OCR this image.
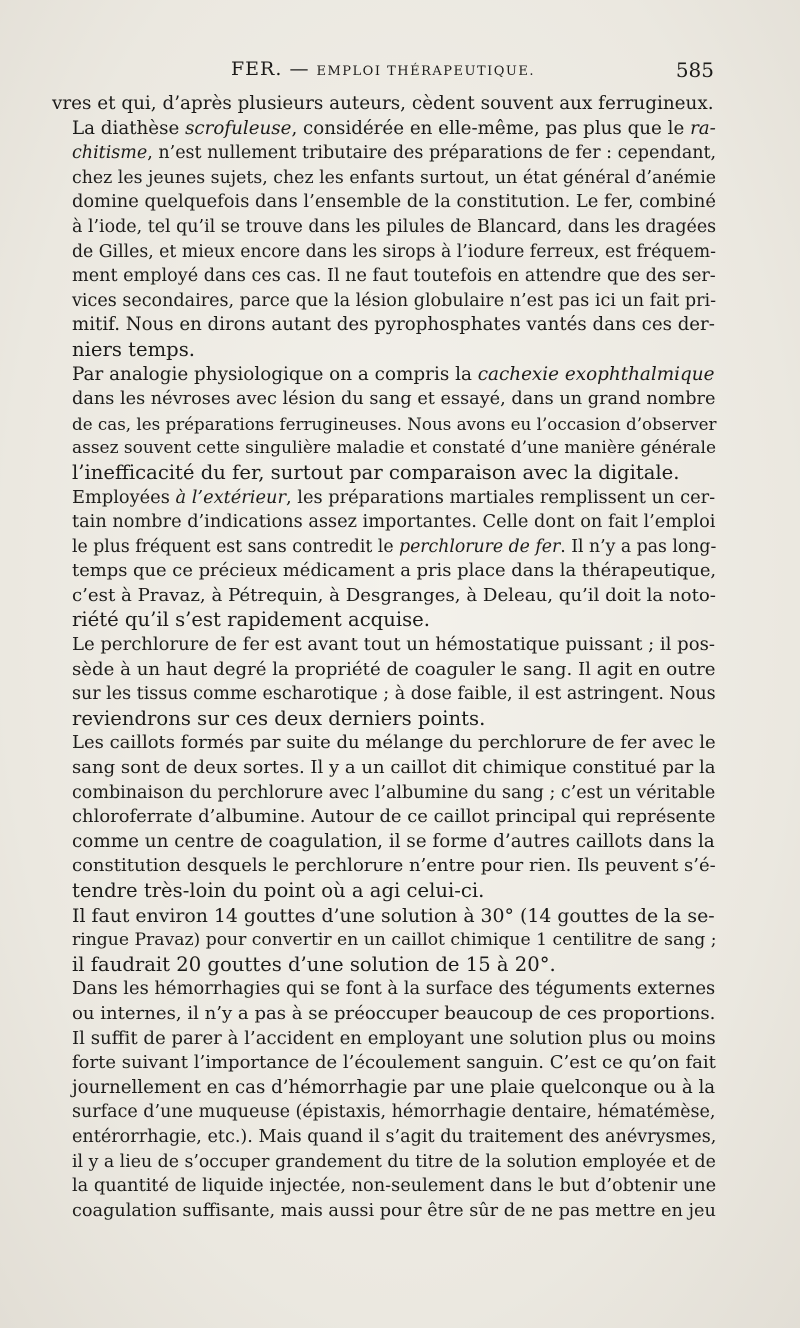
FER. — EMPLOI THÉRAPEUTIQUE.	585

vres et qui, d’après plusieurs auteurs, cèdent souvent aux ferrugineux.

La diathèse scrofuleuse, considérée en elle-même, pas plus que le ra-
chitisme, n’est nullement tributaire des préparations de fer : cependant,
chez les jeunes sujets, chez les enfants surtout, un état général d’anémie
domine quelquefois dans l’ensemble de la constitution. Le fer, combiné
à l’iode, tel qu’il se trouve dans les pilules de Blancard, dans les dragées
de Gilles, et mieux encore dans les sirops à l’iodure ferreux, est fréquem-
ment employé dans ces cas. Il ne faut toutefois en attendre que des ser-
vices secondaires, parce que la lésion globulaire n’est pas ici un fait pri-
mitif. Nous en dirons autant des pyrophosphates vantés dans ces der-
niers temps.

Par analogie physiologique on a compris la cachexie exophthalmique
dans les névroses avec lésion du sang et essayé, dans un grand nombre
de cas, les préparations ferrugineuses. Nous avons eu l’occasion d’observer
assez souvent cette singulière maladie et constaté d’une manière générale
l’inefficacité du fer, surtout par comparaison avec la digitale.

Employées à l’extérieur, les préparations martiales remplissent un cer-
tain nombre d’indications assez importantes. Celle dont on fait l’emploi
le plus fréquent est sans contredit le perchlorure de fer. Il n’y a pas long-
temps que ce précieux médicament a pris place dans la thérapeutique,
c’est à Pravaz, à Pétrequin, à Desgranges, à Deleau, qu’il doit la noto-
riété qu’il s’est rapidement acquise.

Le perchlorure de fer est avant tout un hémostatique puissant ; il pos-
sède à un haut degré la propriété de coaguler le sang. Il agit en outre
sur les tissus comme escharotique ; à dose faible, il est astringent. Nous
reviendrons sur ces deux derniers points.

Les caillots formés par suite du mélange du perchlorure de fer avec le
sang sont de deux sortes. Il y a un caillot dit chimique constitué par la
combinaison du perchlorure avec l’albumine du sang ; c’est un véritable
chloroferrate d’albumine. Autour de ce caillot principal qui représente
comme un centre de coagulation, il se forme d’autres caillots dans la
constitution desquels le perchlorure n’entre pour rien. Ils peuvent s’é-
tendre très-loin du point où a agi celui-ci.

Il faut environ 14 gouttes d’une solution à 30° (14 gouttes de la se-
ringue Pravaz) pour convertir en un caillot chimique 1 centilitre de sang ;
il faudrait 20 gouttes d’une solution de 15 à 20°.

Dans les hémorrhagies qui se font à la surface des téguments externes
ou internes, il n’y a pas à se préoccuper beaucoup de ces proportions.
Il suffit de parer à l’accident en employant une solution plus ou moins
forte suivant l’importance de l’écoulement sanguin. C’est ce qu’on fait
journellement en cas d’hémorrhagie par une plaie quelconque ou à la
surface d’une muqueuse (épistaxis, hémorrhagie dentaire, hématémèse,
entérorrhagie, etc.). Mais quand il s’agit du traitement des anévrysmes,
il y a lieu de s’occuper grandement du titre de la solution employée et de
la quantité de liquide injectée, non-seulement dans le but d’obtenir une
coagulation suffisante, mais aussi pour être sûr de ne pas mettre en jeu
